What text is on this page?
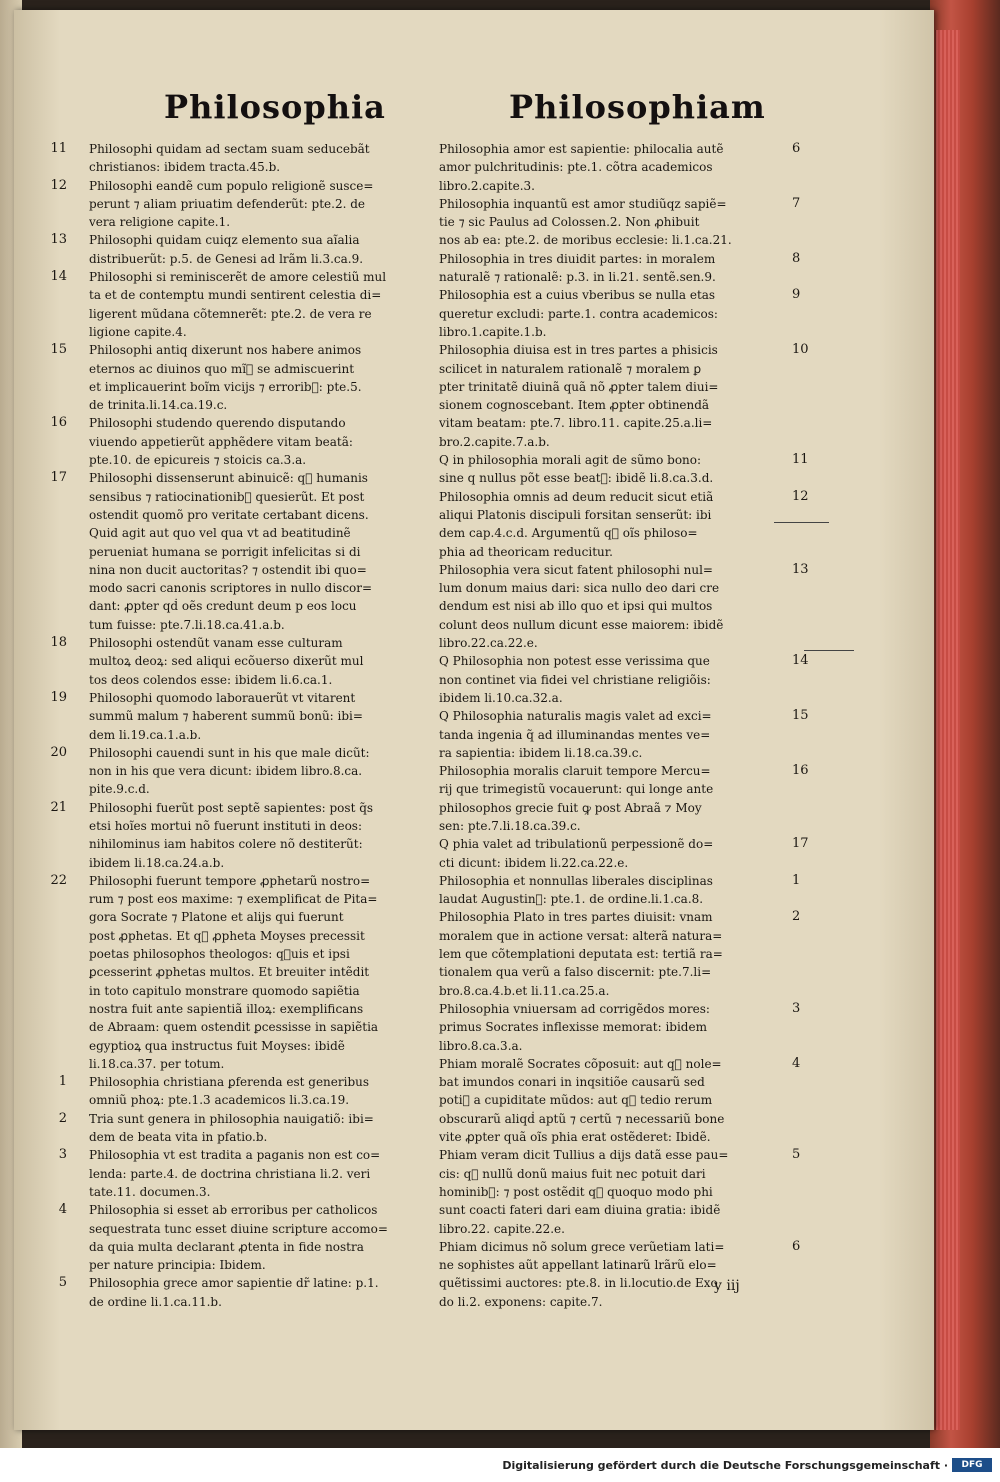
Philosophia	Philosophiam
11 Philosophi quidam ad sectam suam seducebãt
christianos: ibidem tracta.45.b.
12 Philosophi eandẽ cum populo religionẽ susce=
perunt ⁊ aliam priuatim defenderũt: pte.2. de
vera religione capite.1.
13 Philosophi quidam cuiqz elemento sua aĩalia
distribuerũt: p.5. de Genesi ad lrãm li.3.ca.9.
14 Philosophi si reminiscerẽt de amore celestiũ mul
ta et de contemptu mundi sentirent celestia di=
ligerent mũdana cõtemnerẽt: pte.2. de vera re
ligione capite.4.
15 Philosophi antiq dixerunt nos habere animos
eternos ac diuinos quo mĩ᷒ se admiscuerint
et implicauerint boĩm vicijs ⁊ errorib᷒: pte.5.
de trinita.li.14.ca.19.c.
16 Philosophi studendo querendo disputando
viuendo appetierũt apphẽdere vitam beatã:
pte.10. de epicureis ⁊ stoicis ca.3.a.
17 Philosophi dissenserunt abinuicẽ: q᷒ humanis
sensibus ⁊ ratiocinationib᷒ quesierũt. Et post
ostendit quomõ pro veritate certabant dicens.
Quid agit aut quo vel qua vt ad beatitudinẽ
perueniat humana se porrigit infelicitas si di
nina non ducit auctoritas? ⁊ ostendit ibi quo=
modo sacri canonis scriptores in nullo discor=
dant: ꝓpter qḋ oẽs credunt deum p eos locu
tum fuisse: pte.7.li.18.ca.41.a.b.
18 Philosophi ostendũt vanam esse culturam
multoꝝ deoꝝ: sed aliqui ecõuerso dixerũt mul
tos deos colendos esse: ibidem li.6.ca.1.
19 Philosophi quomodo laborauerũt vt vitarent
summũ malum ⁊ haberent summũ bonũ: ibi=
dem li.19.ca.1.a.b.
20 Philosophi cauendi sunt in his que male dicũt:
non in his que vera dicunt: ibidem libro.8.ca.
pite.9.c.d.
21 Philosophi fuerũt post septẽ sapientes: post q̃s
etsi hoĩes mortui nõ fuerunt instituti in deos:
nihilominus iam habitos colere nõ destiterũt:
ibidem li.18.ca.24.a.b.
22 Philosophi fuerunt tempore ꝓphetarũ nostro=
rum ⁊ post eos maxime: ⁊ exemplificat de Pita=
gora Socrate ⁊ Platone et alijs qui fuerunt
post ꝓphetas. Et q᷒ ꝓpheta Moyses precessit
poetas philosophos theologos: q᷒uis et ipsi
ꝑcesserint ꝓphetas multos. Et breuiter intẽdit
in toto capitulo monstrare quomodo sapiẽtia
nostra fuit ante sapientiã illoꝝ: exemplificans
de Abraam: quem ostendit ꝑcessisse in sapiẽtia
egyptioꝝ qua instructus fuit Moyses: ibidẽ
li.18.ca.37. per totum.
1 Philosophia christiana ꝑferenda est generibus
omniũ phoꝝ: pte.1.3 academicos li.3.ca.19.
2 Tria sunt genera in philosophia nauigatiõ: ibi=
dem de beata vita in pfatio.b.
3 Philosophia vt est tradita a paganis non est co=
lenda: parte.4. de doctrina christiana li.2. veri
tate.11. documen.3.
4 Philosophia si esset ab erroribus per catholicos
sequestrata tunc esset diuine scripture accomo=
da quia multa declarant ꝓtenta in fide nostra
per nature principia: Ibidem.
5 Philosophia grece amor sapientie dr̃ latine: p.1.
de ordine li.1.ca.11.b.
6
Philosophia amor est sapientie: philocalia autẽ
amor pulchritudinis: pte.1. cõtra academicos
libro.2.capite.3.
7
Philosophia inquantũ est amor studiũqz sapiẽ=
tie ⁊ sic Paulus ad Colossen.2. Non ꝓhibuit
nos ab ea: pte.2. de moribus ecclesie: li.1.ca.21.
8
Philosophia in tres diuidit partes: in moralem
naturalẽ ⁊ rationalẽ: p.3. in li.21. sentẽ.sen.9.
9
Philosophia est a cuius vberibus se nulla etas
queretur excludi: parte.1. contra academicos:
libro.1.capite.1.b.
10
Philosophia diuisa est in tres partes a phisicis
scilicet in naturalem rationalẽ ⁊ moralem ꝑ
pter trinitatẽ diuinã quã nõ ꝓpter talem diui=
sionem cognoscebant. Item ꝓpter obtinendã
vitam beatam: pte.7. libro.11. capite.25.a.li=
bro.2.capite.7.a.b.
11
Q in philosophia morali agit de sũmo bono:
sine q nullus põt esse beat᷒: ibidẽ li.8.ca.3.d.
12
Philosophia omnis ad deum reducit sicut etiã
aliqui Platonis discipuli forsitan senserũt: ibi
dem cap.4.c.d. Argumentũ q᷒ oĩs philoso=
phia ad theoricam reducitur.
13
Philosophia vera sicut fatent philosophi nul=
lum donum maius dari: sica nullo deo dari cre
dendum est nisi ab illo quo et ipsi qui multos
colunt deos nullum dicunt esse maiorem: ibidẽ
libro.22.ca.22.e.
14
Q Philosophia non potest esse verissima que
non continet via fidei vel christiane religiõis:
ibidem li.10.ca.32.a.
15
Q Philosophia naturalis magis valet ad exci=
tanda ingenia q̃ ad illuminandas mentes ve=
ra sapientia: ibidem li.18.ca.39.c.
16
Philosophia moralis claruit tempore Mercu=
rij que trimegistũ vocauerunt: qui longe ante
philosophos grecie fuit ꝙ post Abraã ⁊ Moy
sen: pte.7.li.18.ca.39.c.
17
Q phia valet ad tribulationũ perpessionẽ do=
cti dicunt: ibidem li.22.ca.22.e.
1
Philosophia et nonnullas liberales disciplinas
laudat Augustin᷒: pte.1. de ordine.li.1.ca.8.
2
Philosophia Plato in tres partes diuisit: vnam
moralem que in actione versat: alterã natura=
lem que cõtemplationi deputata est: tertiã ra=
tionalem qua verũ a falso discernit: pte.7.li=
bro.8.ca.4.b.et li.11.ca.25.a.
3
Philosophia vniuersam ad corrigẽdos mores:
primus Socrates inflexisse memorat: ibidem
libro.8.ca.3.a.
4
Phiam moralẽ Socrates cõposuit: aut q᷒ nole=
bat imundos conari in inqsitiõe causarũ sed
poti᷒ a cupiditate mũdos: aut q᷒ tedio rerum
obscurarũ aliqḋ aptũ ⁊ certũ ⁊ necessariũ bone
vite ꝓpter quã oĩs phia erat ostẽderet: Ibidẽ.
5
Phiam veram dicit Tullius a dijs datã esse pau=
cis: q᷒ nullũ donũ maius fuit nec potuit dari
hominib᷒: ⁊ post ostẽdit q᷒ quoquo modo phi
sunt coacti fateri dari eam diuina gratia: ibidẽ
libro.22. capite.22.e.
6
Phiam dicimus nõ solum grece verũetiam lati=
ne sophistes aũt appellant latinarũ lrãrũ elo=
quẽtissimi auctores: pte.8. in li.locutio.de Exo
do li.2. exponens: capite.7.
y iij
Digitalisierung gefördert durch die Deutsche Forschungsgemeinschaft ·	DFG
